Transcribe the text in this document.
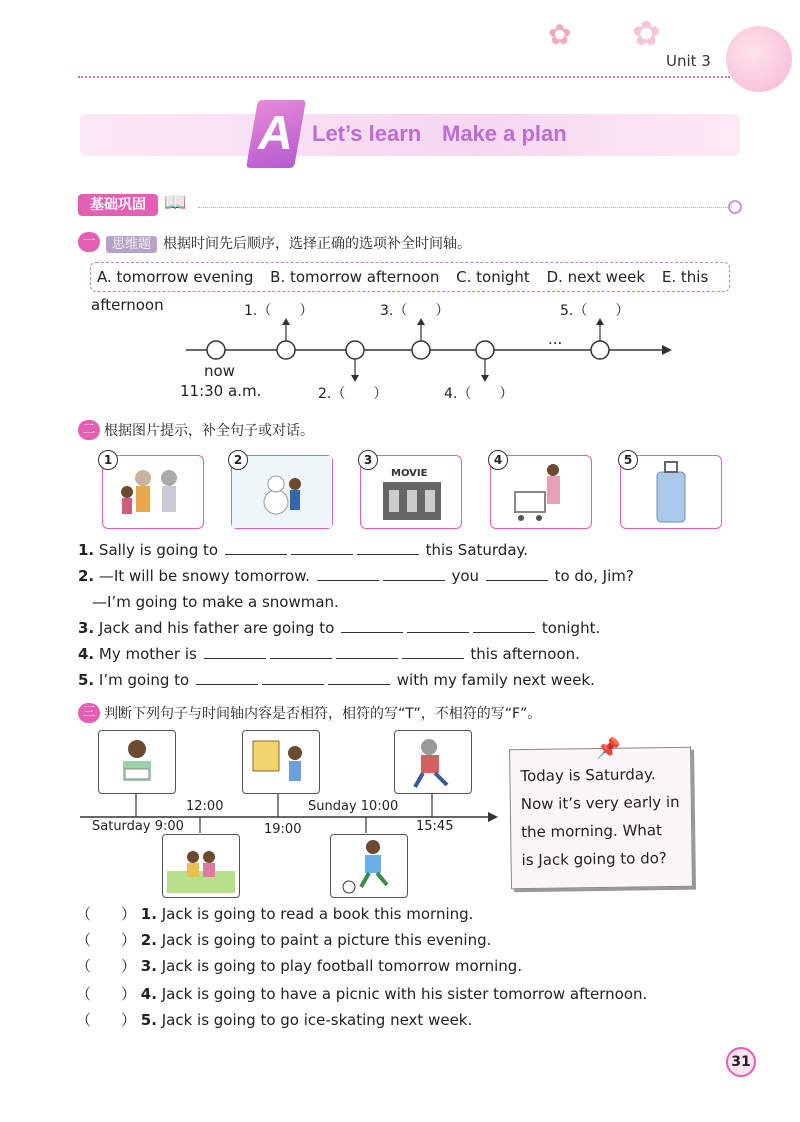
✿ ✿
Unit 3
A Let’s learn Make a plan
基础巩固	📖
一	思维题 根据时间先后顺序，选择正确的选项补全时间轴。
A. tomorrow evening B. tomorrow afternoon C. tonight D. next week E. this afternoon	1.（　　）	3.（　　）	5.（　　）
2.（　　）	4.（　　）
...
now
11:30 a.m.
二 根据图片提示，补全句子或对话。
MOVIE
1	2	3	4	5
1. Sally is going to	this Saturday.
2. —It will be snowy tomorrow.	you	to do, Jim?
—I’m going to make a snowman.
3. Jack and his father are going to	tonight.
4. My mother is	this afternoon.
5. I’m going to	with my family next week.
三 判断下列句子与时间轴内容是否相符，相符的写“T”，不相符的写“F”。
Saturday 9:00
12:00
19:00
Sunday 10:00
15:45

Today is Saturday.

Now it’s very early in

the morning. What

is Jack going to do?

📌
（　　） 1. Jack is going to read a book this morning.
（　　） 2. Jack is going to paint a picture this evening.
（　　） 3. Jack is going to play football tomorrow morning.
（　　） 4. Jack is going to have a picnic with his sister tomorrow afternoon.
（　　） 5. Jack is going to go ice-skating next week.
31
